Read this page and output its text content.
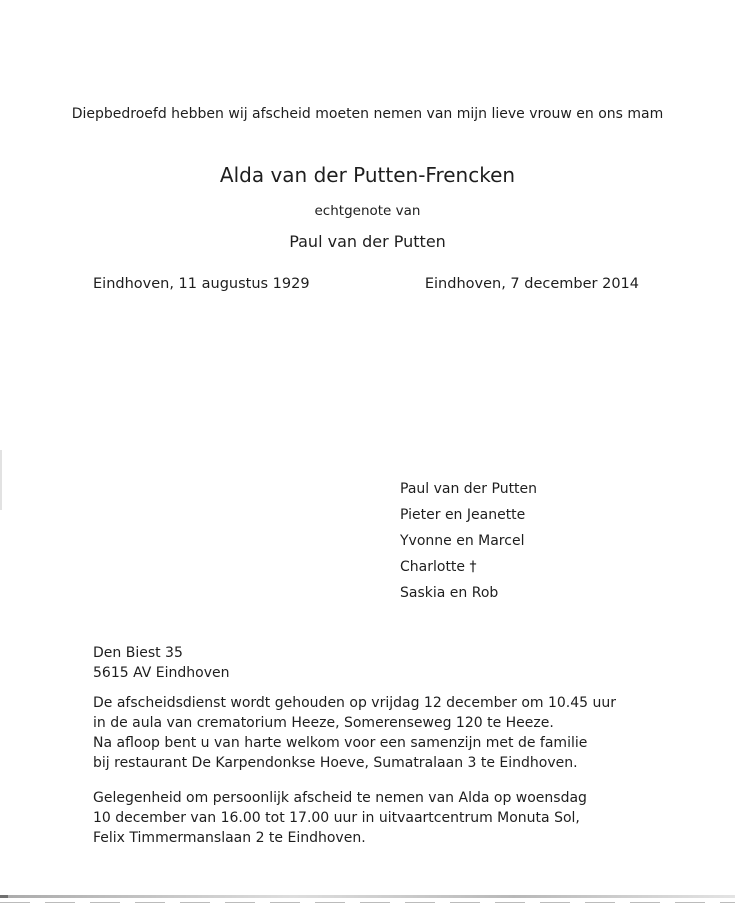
Diepbedroefd hebben wij afscheid moeten nemen van mijn lieve vrouw en ons mam
Alda van der Putten-Frencken
echtgenote van
Paul van der Putten
Eindhoven, 11 augustus 1929	Eindhoven, 7 december 2014
Paul van der Putten
Pieter en Jeanette
Yvonne en Marcel
Charlotte †
Saskia en Rob
Den Biest 35
5615 AV Eindhoven
De afscheidsdienst wordt gehouden op vrijdag 12 december om 10.45 uur
in de aula van crematorium Heeze, Somerenseweg 120 te Heeze.
Na afloop bent u van harte welkom voor een samenzijn met de familie
bij restaurant De Karpendonkse Hoeve, Sumatralaan 3 te Eindhoven.
Gelegenheid om persoonlijk afscheid te nemen van Alda op woensdag
10 december van 16.00 tot 17.00 uur in uitvaartcentrum Monuta Sol,
Felix Timmermanslaan 2 te Eindhoven.
